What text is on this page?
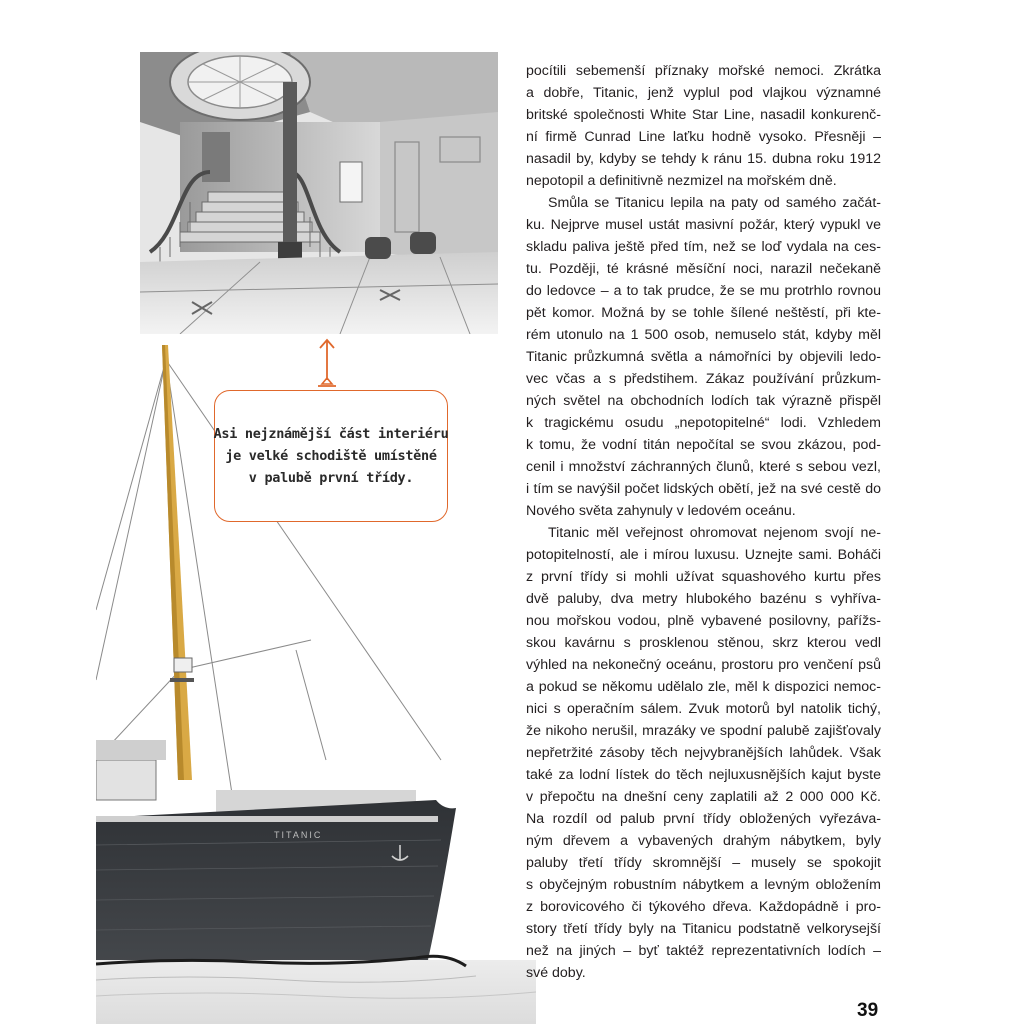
TITANIC
Asi nejznámější část interiéru
je velké schodiště umístěné
v palubě první třídy.
pocítili sebemenší příznaky mořské nemoci. Zkrátka
a dobře, Titanic, jenž vyplul pod vlajkou významné
britské společnosti White Star Line, nasadil konkurenč-
ní firmě Cunrad Line laťku hodně vysoko. Přesněji –
nasadil by, kdyby se tehdy k ránu 15. dubna roku 1912
nepotopil a definitivně nezmizel na mořském dně.
Smůla se Titanicu lepila na paty od samého začát-
ku. Nejprve musel ustát masivní požár, který vypukl ve
skladu paliva ještě před tím, než se loď vydala na ces-
tu. Později, té krásné měsíční noci, narazil nečekaně
do ledovce – a to tak prudce, že se mu protrhlo rovnou
pět komor. Možná by se tohle šílené neštěstí, při kte-
rém utonulo na 1 500 osob, nemuselo stát, kdyby měl
Titanic průzkumná světla a námořníci by objevili ledo-
vec včas a s předstihem. Zákaz používání průzkum-
ných světel na obchodních lodích tak výrazně přispěl
k tragickému osudu „nepotopitelné“ lodi. Vzhledem
k tomu, že vodní titán nepočítal se svou zkázou, pod-
cenil i množství záchranných člunů, které s sebou vezl,
i tím se navýšil počet lidských obětí, jež na své cestě do
Nového světa zahynuly v ledovém oceánu.
Titanic měl veřejnost ohromovat nejenom svojí ne-
potopitelností, ale i mírou luxusu. Uznejte sami. Boháči
z první třídy si mohli užívat squashového kurtu přes
dvě paluby, dva metry hlubokého bazénu s vyhříva-
nou mořskou vodou, plně vybavené posilovny, pařížs-
skou kavárnu s prosklenou stěnou, skrz kterou vedl
výhled na nekonečný oceánu, prostoru pro venčení psů
a pokud se někomu udělalo zle, měl k dispozici nemoc-
nici s operačním sálem. Zvuk motorů byl natolik tichý,
že nikoho nerušil, mrazáky ve spodní palubě zajišťovaly
nepřetržité zásoby těch nejvybranějších lahůdek. Však
také za lodní lístek do těch nejluxusnějších kajut byste
v přepočtu na dnešní ceny zaplatili až 2 000 000 Kč.
Na rozdíl od palub první třídy obložených vyřezáva-
ným dřevem a vybavených drahým nábytkem, byly
paluby třetí třídy skromnější – musely se spokojit
s obyčejným robustním nábytkem a levným obložením
z borovicového či týkového dřeva. Každopádně i pro-
story třetí třídy byly na Titanicu podstatně velkorysejší
než na jiných – byť taktéž reprezentativních lodích –
své doby.
39
